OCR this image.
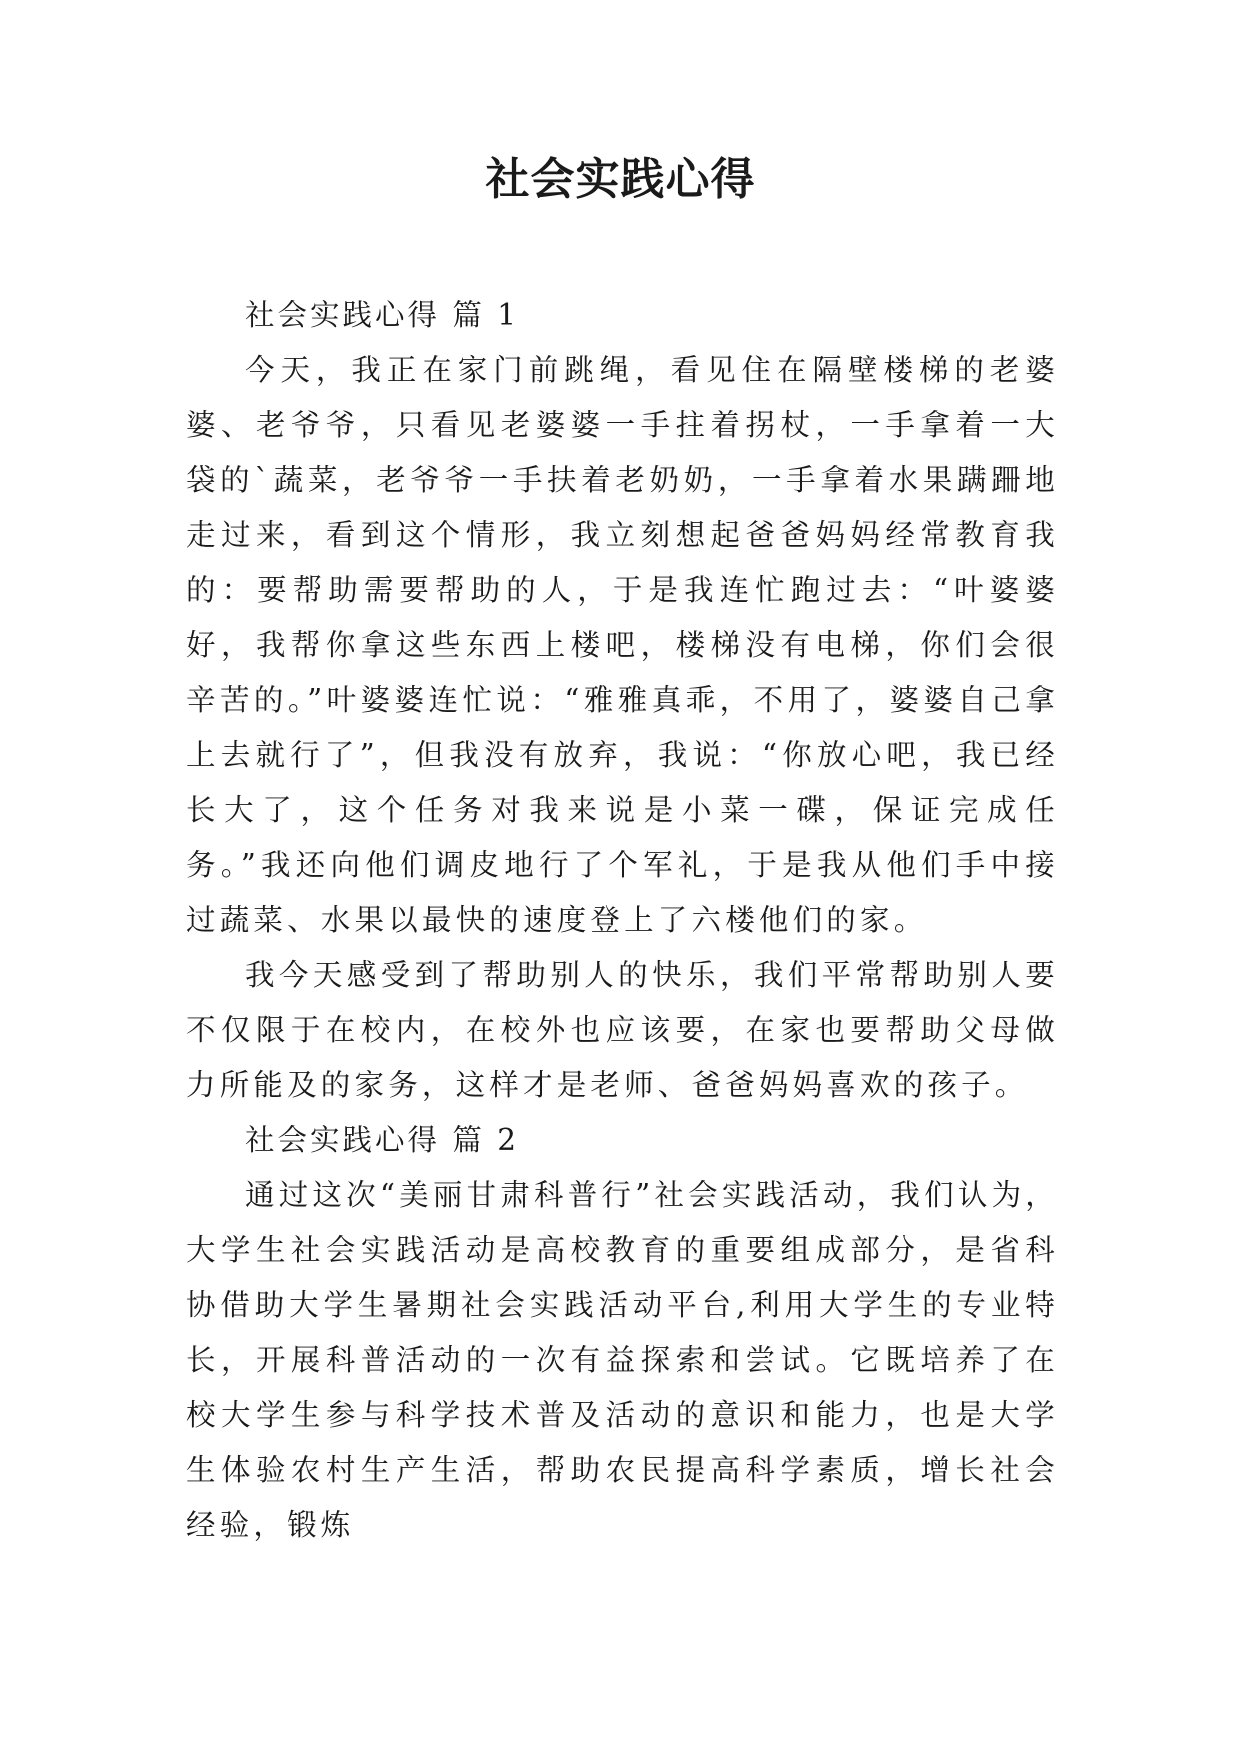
社会实践心得

社会实践心得 篇 1

今天，我正在家门前跳绳，看见住在隔壁楼梯的老婆婆、老爷爷，只看见老婆婆一手拄着拐杖，一手拿着一大袋的`蔬菜，老爷爷一手扶着老奶奶，一手拿着水果蹒跚地走过来，看到这个情形，我立刻想起爸爸妈妈经常教育我的：要帮助需要帮助的人，于是我连忙跑过去：“叶婆婆好，我帮你拿这些东西上楼吧，楼梯没有电梯，你们会很辛苦的。”叶婆婆连忙说：“雅雅真乖，不用了，婆婆自己拿上去就行了”，但我没有放弃，我说：“你放心吧，我已经长大了，这个任务对我来说是小菜一碟，保证完成任务。”我还向他们调皮地行了个军礼，于是我从他们手中接过蔬菜、水果以最快的速度登上了六楼他们的家。

我今天感受到了帮助别人的快乐，我们平常帮助别人要不仅限于在校内，在校外也应该要，在家也要帮助父母做力所能及的家务，这样才是老师、爸爸妈妈喜欢的孩子。

社会实践心得 篇 2

通过这次“美丽甘肃科普行”社会实践活动，我们认为，大学生社会实践活动是高校教育的重要组成部分，是省科协借助大学生暑期社会实践活动平台,利用大学生的专业特长，开展科普活动的一次有益探索和尝试。它既培养了在校大学生参与科学技术普及活动的意识和能力，也是大学生体验农村生产生活，帮助农民提高科学素质，增长社会经验，锻炼
